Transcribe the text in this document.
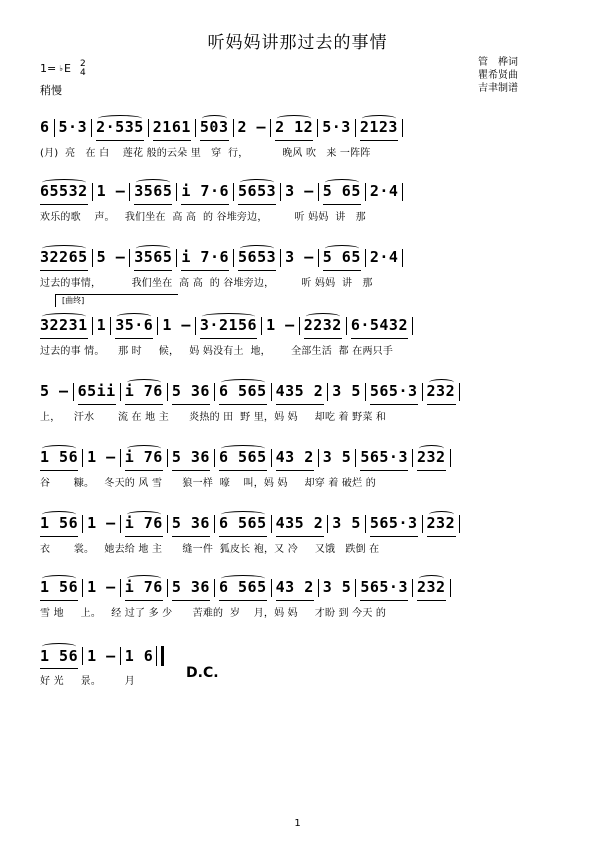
听妈妈讲那过去的事情
1= ♭ E 2
4
稍慢
管　桦词
瞿希贤曲
吉聿制谱
[曲终]
6 5·3 2·535 2161 503 2 – 2 12 5·3 2123
(月)  亮   在 白    莲花 般的云朵 里   穿  行，          晚风 吹   来 一阵阵
65532 1 – 3565 i 7·6 5653 3 – 5 65 2·4
欢乐的歌    声。   我们坐在  高 高  的 谷堆旁边，        听 妈妈  讲   那
32265 5 – 3565 i 7·6 5653 3 – 5 65 2·4
过去的事情，         我们坐在  高 高  的 谷堆旁边，        听 妈妈  讲   那
32231 1 35·6 1 – 3·2156 1 – 2232 6·5432
过去的事 情。    那 时     候，   妈 妈没有土  地，      全部生活  都 在两只手
5 – 65ii i 76 5 36 6 565 435 2 3 5 565·3 232
上，    汗水       流 在 地 主      炎热的 田  野 里，妈 妈     却吃 着 野菜 和
1 56 1 – i 76 5 36 6 565 43 2 3 5 565·3 232
谷       糠。   冬天的 风 雪      狼一样  嚎    叫，妈 妈     却穿 着 破烂 的
1 56 1 – i 76 5 36 6 565 435 2 3 5 565·3 232
衣       裳。   她去给 地 主      缝一件  狐皮长 袍，又 冷     又饿   跌倒 在
1 56 1 – i 76 5 36 6 565 43 2 3 5 565·3 232
雪 地     上。   经 过了 多 少      苦难的  岁    月，妈 妈     才盼 到 今天 的
1 56 1 – 1 6
好 光     景。       月
D.C.
1
